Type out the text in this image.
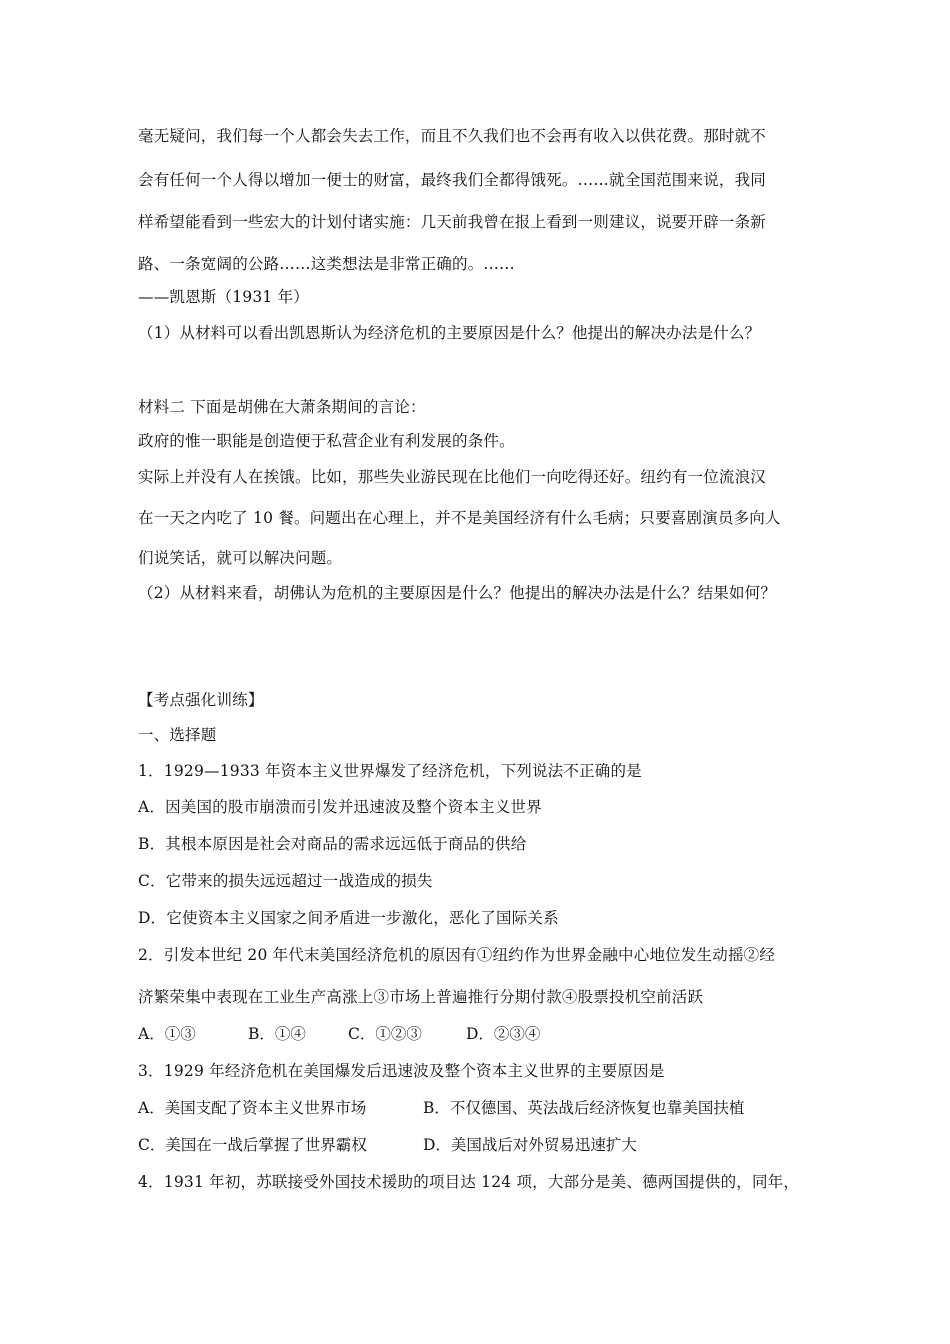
毫无疑问，我们每一个人都会失去工作，而且不久我们也不会再有收入以供花费。那时就不
会有任何一个人得以增加一便士的财富，最终我们全都得饿死。……就全国范围来说，我同
样希望能看到一些宏大的计划付诸实施：几天前我曾在报上看到一则建议，说要开辟一条新
路、一条宽阔的公路……这类想法是非常正确的。……
——凯恩斯（1931 年）
（1）从材料可以看出凯恩斯认为经济危机的主要原因是什么？他提出的解决办法是什么？
材料二 下面是胡佛在大萧条期间的言论：
政府的惟一职能是创造便于私营企业有利发展的条件。
实际上并没有人在挨饿。比如，那些失业游民现在比他们一向吃得还好。纽约有一位流浪汉
在一天之内吃了 10 餐。问题出在心理上，并不是美国经济有什么毛病；只要喜剧演员多向人
们说笑话，就可以解决问题。
（2）从材料来看，胡佛认为危机的主要原因是什么？他提出的解决办法是什么？结果如何？
【考点强化训练】
一、选择题
1．1929—1933 年资本主义世界爆发了经济危机，下列说法不正确的是
A．因美国的股市崩溃而引发并迅速波及整个资本主义世界
B．其根本原因是社会对商品的需求远远低于商品的供给
C．它带来的损失远远超过一战造成的损失
D．它使资本主义国家之间矛盾进一步激化，恶化了国际关系
2．引发本世纪 20 年代末美国经济危机的原因有①纽约作为世界金融中心地位发生动摇②经
济繁荣集中表现在工业生产高涨上③市场上普遍推行分期付款④股票投机空前活跃
A．①③	B．①④	C．①②③	D．②③④
3．1929 年经济危机在美国爆发后迅速波及整个资本主义世界的主要原因是
A．美国支配了资本主义世界市场	B．不仅德国、英法战后经济恢复也靠美国扶植
C．美国在一战后掌握了世界霸权	D．美国战后对外贸易迅速扩大
4．1931 年初，苏联接受外国技术援助的项目达 124 项，大部分是美、德两国提供的，同年，
